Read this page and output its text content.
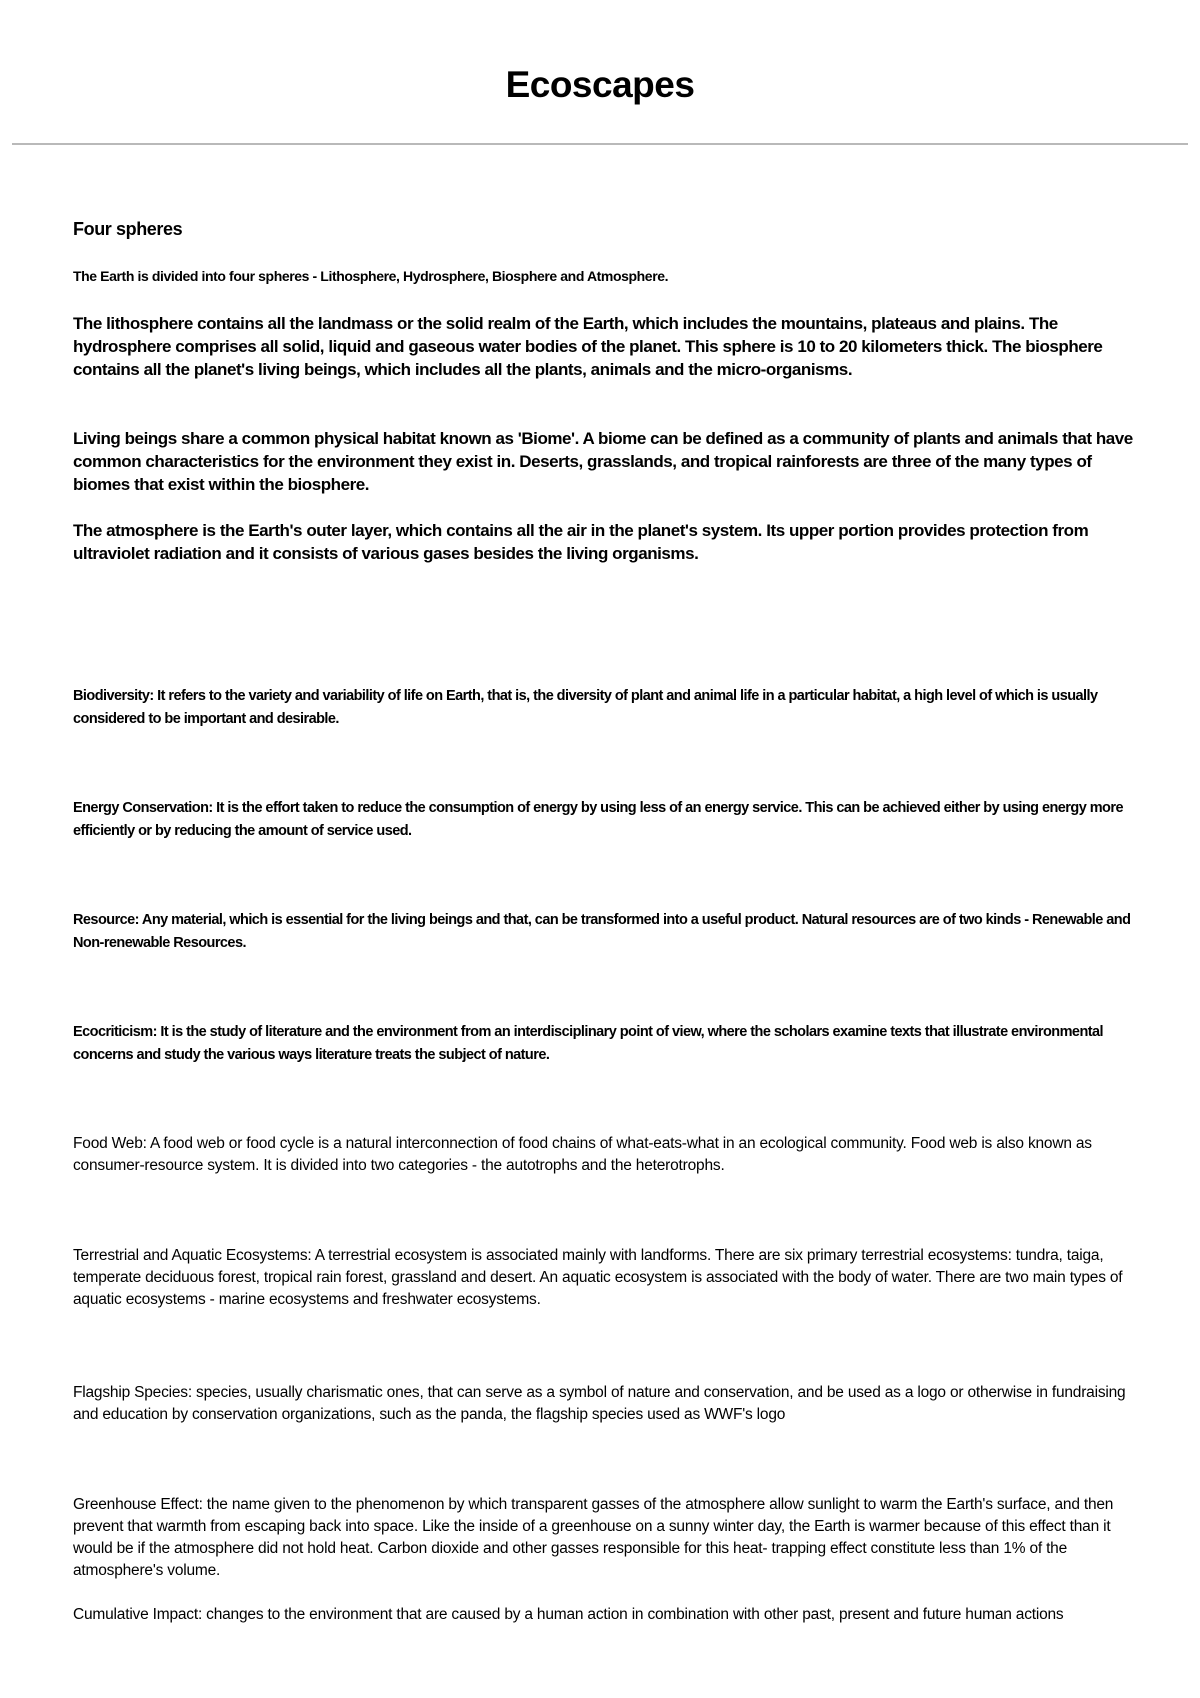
Ecoscapes

Four spheres

The Earth is divided into four spheres - Lithosphere, Hydrosphere, Biosphere and Atmosphere.

The lithosphere contains all the landmass or the solid realm of the Earth, which includes the mountains, plateaus and plains. The hydrosphere comprises all solid, liquid and gaseous water bodies of the planet. This sphere is 10 to 20 kilometers thick. The biosphere contains all the planet's living beings, which includes all the plants, animals and the micro-organisms.

Living beings share a common physical habitat known as 'Biome'. A biome can be defined as a community of plants and animals that have common characteristics for the environment they exist in. Deserts, grasslands, and tropical rainforests are three of the many types of biomes that exist within the biosphere.

The atmosphere is the Earth's outer layer, which contains all the air in the planet's system. Its upper portion provides protection from ultraviolet radiation and it consists of various gases besides the living organisms.

Biodiversity: It refers to the variety and variability of life on Earth, that is, the diversity of plant and animal life in a particular habitat, a high level of which is usually considered to be important and desirable.

Energy Conservation: It is the effort taken to reduce the consumption of energy by using less of an energy service. This can be achieved either by using energy more efficiently or by reducing the amount of service used.

Resource: Any material, which is essential for the living beings and that, can be transformed into a useful product. Natural resources are of two kinds - Renewable and Non-renewable Resources.

Ecocriticism: It is the study of literature and the environment from an interdisciplinary point of view, where the scholars examine texts that illustrate environmental concerns and study the various ways literature treats the subject of nature.

Food Web: A food web or food cycle is a natural interconnection of food chains of what-eats-what in an ecological community. Food web is also known as consumer-resource system. It is divided into two categories - the autotrophs and the heterotrophs.

Terrestrial and Aquatic Ecosystems: A terrestrial ecosystem is associated mainly with landforms. There are six primary terrestrial ecosystems: tundra, taiga, temperate deciduous forest, tropical rain forest, grassland and desert. An aquatic ecosystem is associated with the body of water. There are two main types of aquatic ecosystems - marine ecosystems and freshwater ecosystems.

Flagship Species: species, usually charismatic ones, that can serve as a symbol of nature and conservation, and be used as a logo or otherwise in fundraising and education by conservation organizations, such as the panda, the flagship species used as WWF's logo

Greenhouse Effect: the name given to the phenomenon by which transparent gasses of the atmosphere allow sunlight to warm the Earth's surface, and then prevent that warmth from escaping back into space. Like the inside of a greenhouse on a sunny winter day, the Earth is warmer because of this effect than it would be if the atmosphere did not hold heat. Carbon dioxide and other gasses responsible for this heat- trapping effect constitute less than 1% of the atmosphere's volume.

Cumulative Impact: changes to the environment that are caused by a human action in combination with other past, present and future human actions
